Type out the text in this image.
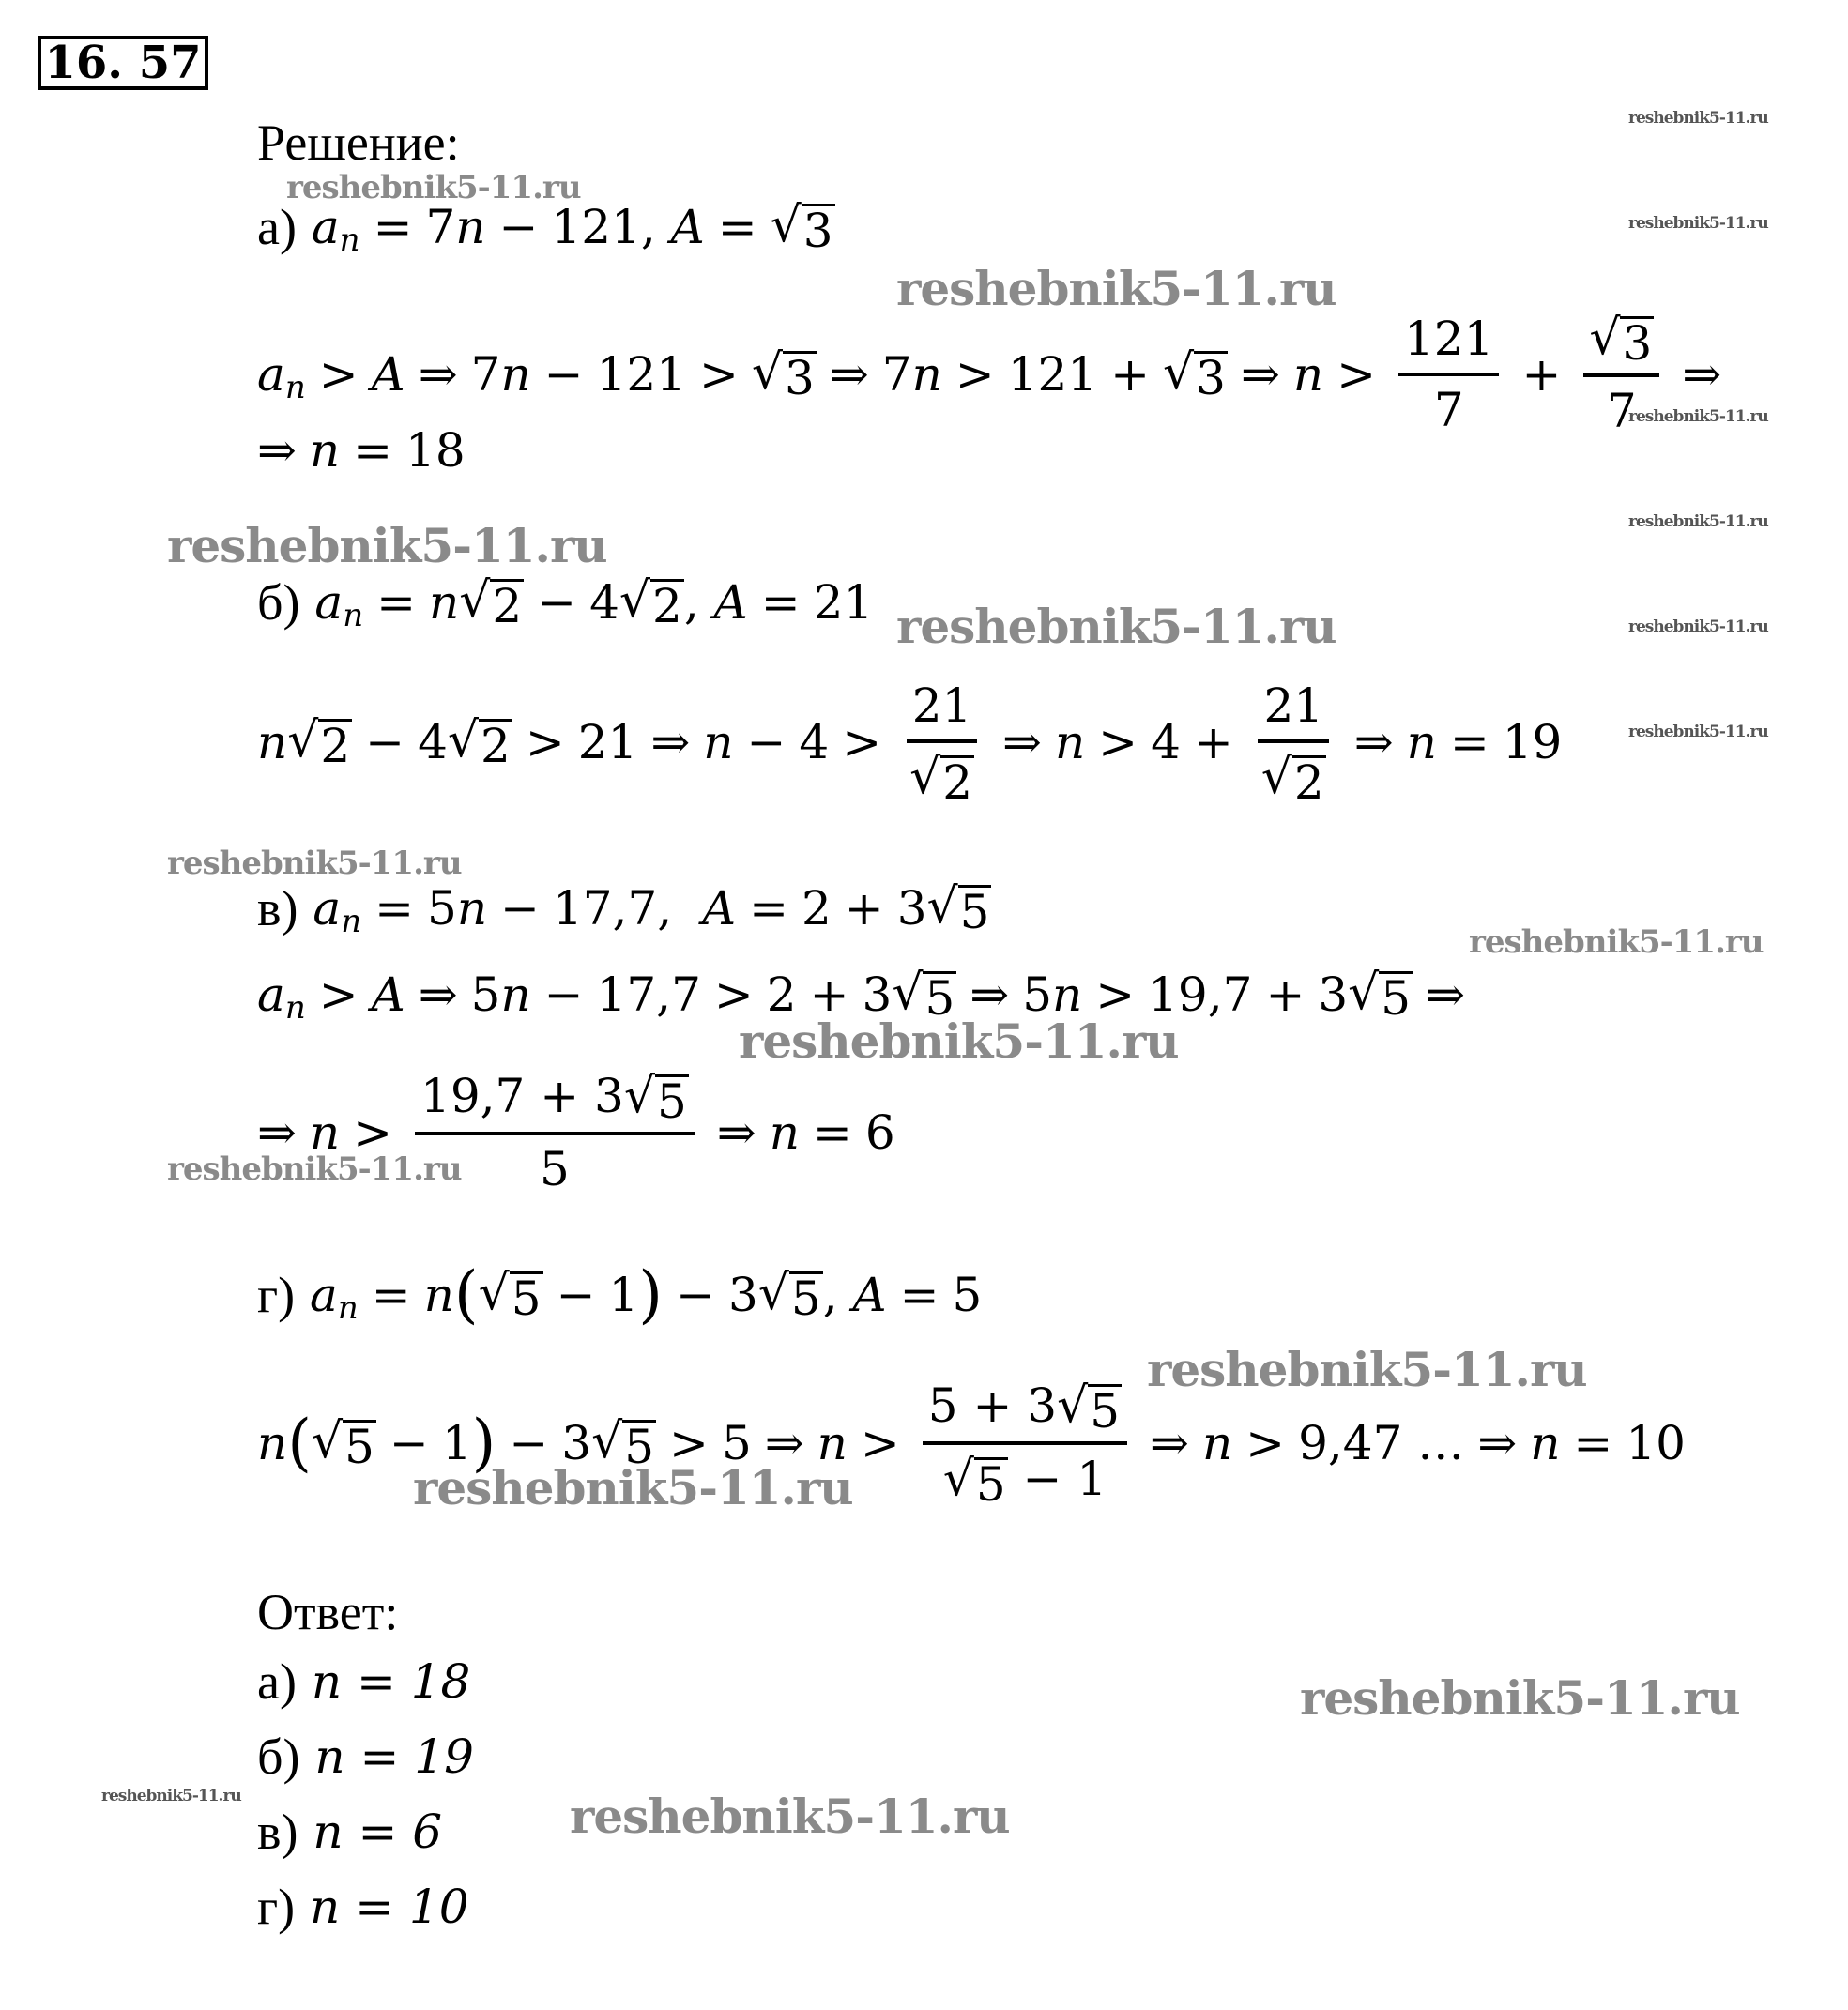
16. 57
Решение:
а)
a n = 7n − 121, A = √ 3
a n > A ⇒ 7n − 121 > √ 3 ⇒ 7n > 121 + √ 3 ⇒ $n > \frac{121}{7} + \frac{√ 3}{7}$ ⇒
⇒ n = 18
б)
a n = n √ 2 − 4 √ 2 , A = 21
n √ 2 − 4 √ 2 > 21 ⇒ $n - 4 > \frac{21}{√ 2}$ ⇒ $n > 4 + \frac{21}{√ 2}$ ⇒ n = 19
в)
a n = 5n − 17,7, A = 2 + 3 √ 5
a n > A ⇒ 5n − 17,7 > 2 + 3 √ 5 ⇒ 5n > 19,7 + 3 √ 5 ⇒
⇒ $n > \frac{19,7 + 3 √ 5}{5}$ ⇒ n = 6
г)
a n = n ( √ 5 − 1 ) − 3 √ 5 , A = 5
n ( √ 5 − 1 ) − 3 √ 5 > 5 ⇒ $n > \frac{5 + 3 √ 5}{√ 5 - 1}$ ⇒ n > 9,47 … ⇒ n = 10
Ответ:
а)
n = 18
б)
n = 19
в)
n = 6
г)
n = 10
reshebnik5-11.ru
reshebnik5-11.ru
reshebnik5-11.ru
reshebnik5-11.ru
reshebnik5-11.ru
reshebnik5-11.ru
reshebnik5-11.ru
reshebnik5-11.ru
reshebnik5-11.ru
reshebnik5-11.ru
reshebnik5-11.ru
reshebnik5-11.ru
reshebnik5-11.ru
reshebnik5-11.ru
reshebnik5-11.ru
reshebnik5-11.ru
reshebnik5-11.ru
reshebnik5-11.ru
reshebnik5-11.ru
